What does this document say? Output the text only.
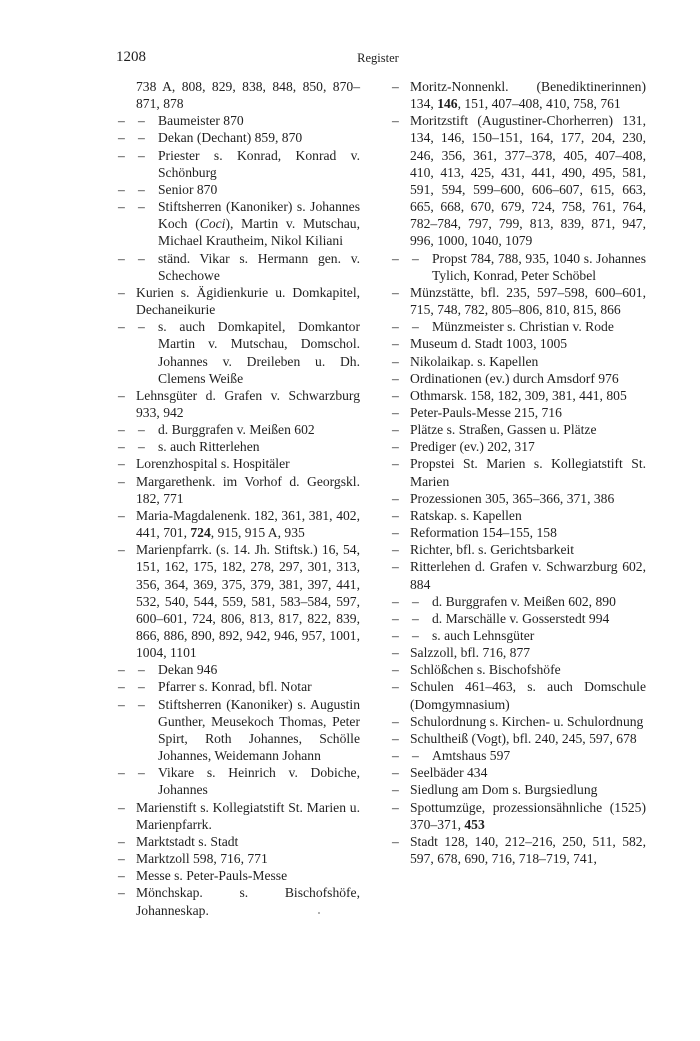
1208	Register
738 A, 808, 829, 838, 848, 850, 870–871, 878
– – Baumeister 870
– – Dekan (Dechant) 859, 870
– – Priester s. Konrad, Konrad v. Schönburg
– – Senior 870
– – Stiftsherren (Kanoniker) s. Johannes Koch (Coci), Martin v. Mutschau, Michael Krautheim, Nikol Kiliani
– – ständ. Vikar s. Hermann gen. v. Schechowe
– Kurien s. Ägidienkurie u. Domkapitel, Dechaneikurie
– – s. auch Domkapitel, Domkantor Martin v. Mutschau, Domschol. Johannes v. Dreileben u. Dh. Clemens Weiße
– Lehnsgüter d. Grafen v. Schwarzburg 933, 942
– – d. Burggrafen v. Meißen 602
– – s. auch Ritterlehen
– Lorenzhospital s. Hospitäler
– Margarethenk. im Vorhof d. Georgskl. 182, 771
– Maria-Magdalenenk. 182, 361, 381, 402, 441, 701, 724, 915, 915 A, 935
– Marienpfarrk. (s. 14. Jh. Stiftsk.) 16, 54, 151, 162, 175, 182, 278, 297, 301, 313, 356, 364, 369, 375, 379, 381, 397, 441, 532, 540, 544, 559, 581, 583–584, 597, 600–601, 724, 806, 813, 817, 822, 839, 866, 886, 890, 892, 942, 946, 957, 1001, 1004, 1101
– – Dekan 946
– – Pfarrer s. Konrad, bfl. Notar
– – Stiftsherren (Kanoniker) s. Augustin Gunther, Meusekoch Thomas, Peter Spirt, Roth Johannes, Schölle Johannes, Weidemann Johann
– – Vikare s. Heinrich v. Dobiche, Johannes
– Marienstift s. Kollegiatstift St. Marien u. Marienpfarrk.
– Marktstadt s. Stadt
– Marktzoll 598, 716, 771
– Messe s. Peter-Pauls-Messe
– Mönchskap. s. Bischofshöfe, Johanneskap.
– Moritz-Nonnenkl. (Benediktinerinnen) 134, 146, 151, 407–408, 410, 758, 761
– Moritzstift (Augustiner-Chorherren) 131, 134, 146, 150–151, 164, 177, 204, 230, 246, 356, 361, 377–378, 405, 407–408, 410, 413, 425, 431, 441, 490, 495, 581, 591, 594, 599–600, 606–607, 615, 663, 665, 668, 670, 679, 724, 758, 761, 764, 782–784, 797, 799, 813, 839, 871, 947, 996, 1000, 1040, 1079
– – Propst 784, 788, 935, 1040 s. Johannes Tylich, Konrad, Peter Schöbel
– Münzstätte, bfl. 235, 597–598, 600–601, 715, 748, 782, 805–806, 810, 815, 866
– – Münzmeister s. Christian v. Rode
– Museum d. Stadt 1003, 1005
– Nikolaikap. s. Kapellen
– Ordinationen (ev.) durch Amsdorf 976
– Othmarsk. 158, 182, 309, 381, 441, 805
– Peter-Pauls-Messe 215, 716
– Plätze s. Straßen, Gassen u. Plätze
– Prediger (ev.) 202, 317
– Propstei St. Marien s. Kollegiatstift St. Marien
– Prozessionen 305, 365–366, 371, 386
– Ratskap. s. Kapellen
– Reformation 154–155, 158
– Richter, bfl. s. Gerichtsbarkeit
– Ritterlehen d. Grafen v. Schwarzburg 602, 884
– – d. Burggrafen v. Meißen 602, 890
– – d. Marschälle v. Gosserstedt 994
– – s. auch Lehnsgüter
– Salzzoll, bfl. 716, 877
– Schlößchen s. Bischofshöfe
– Schulen 461–463, s. auch Domschule (Domgymnasium)
– Schulordnung s. Kirchen- u. Schulordnung
– Schultheiß (Vogt), bfl. 240, 245, 597, 678
– – Amtshaus 597
– Seelbäder 434
– Siedlung am Dom s. Burgsiedlung
– Spottumzüge, prozessionsähnliche (1525) 370–371, 453
– Stadt 128, 140, 212–216, 250, 511, 582, 597, 678, 690, 716, 718–719, 741,
